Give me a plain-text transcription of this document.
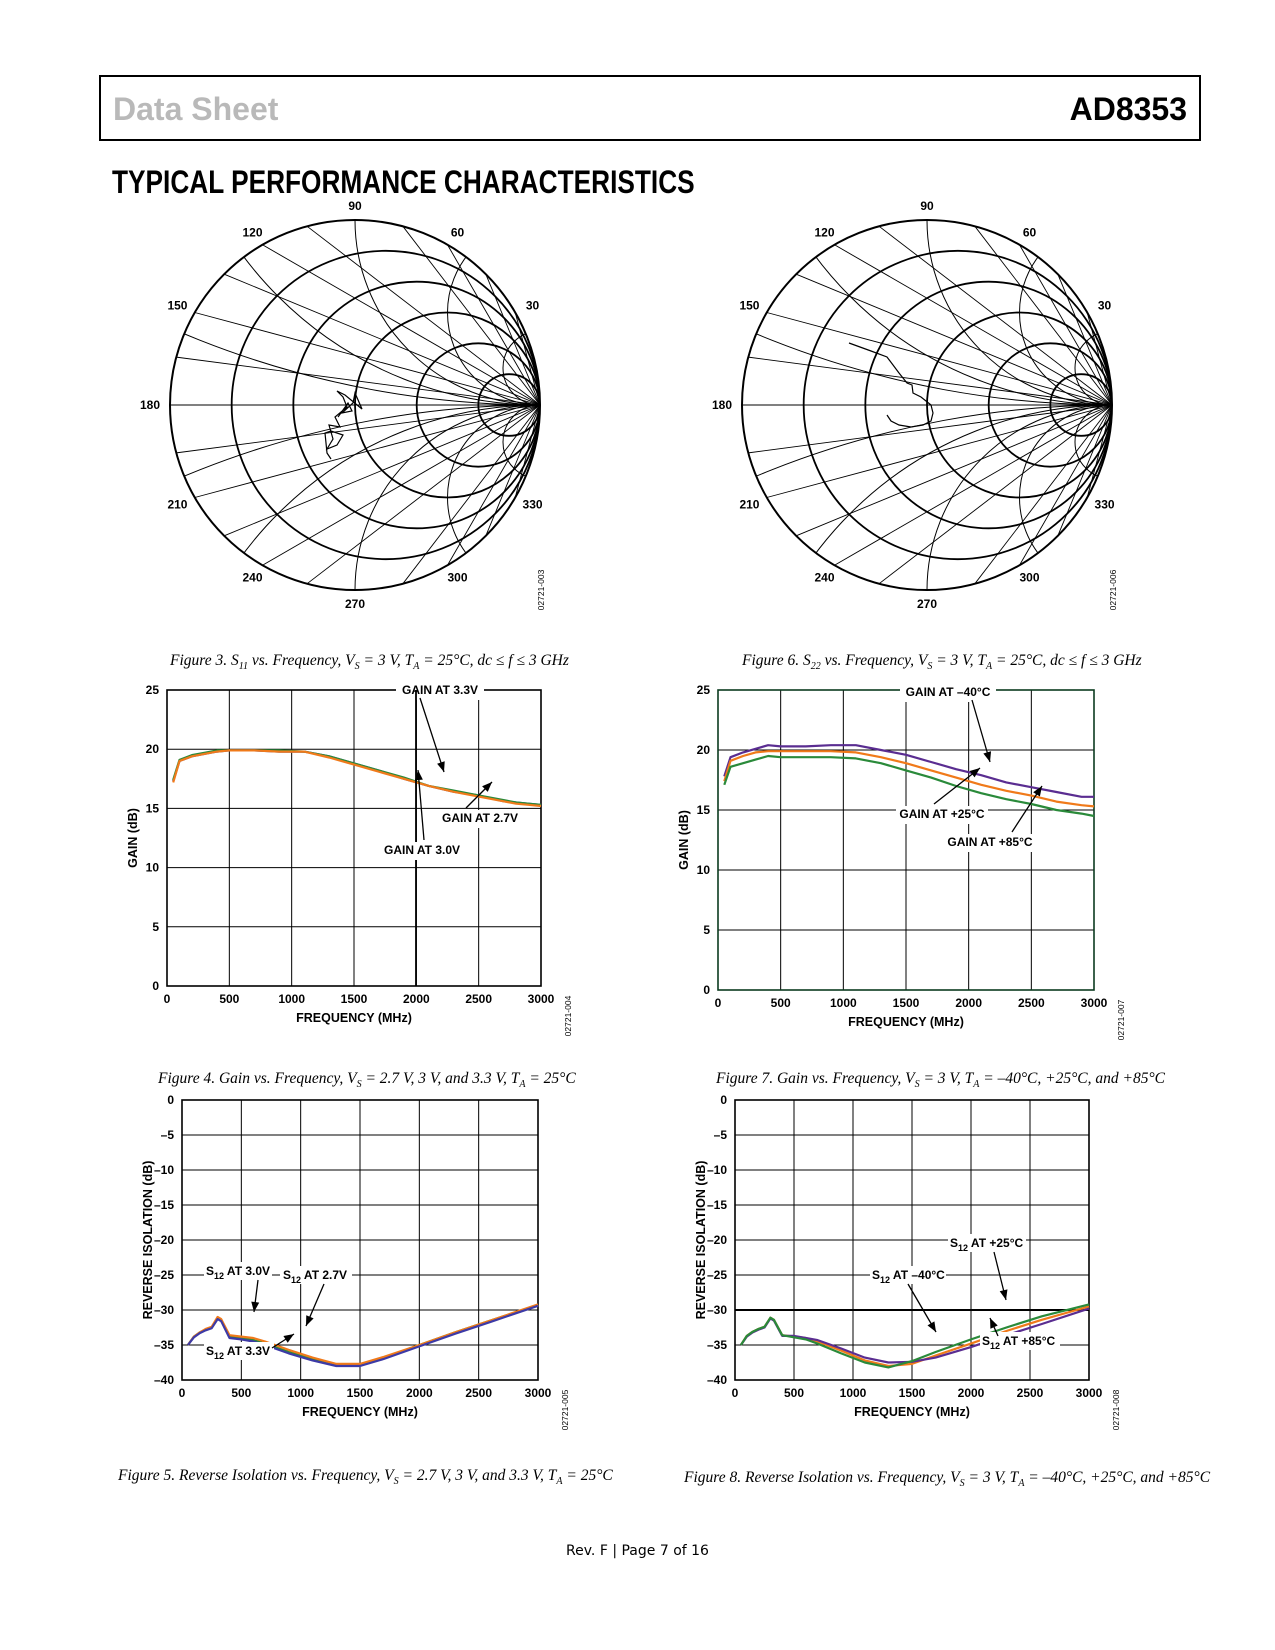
Data Sheet	AD8353
TYPICAL PERFORMANCE CHARACTERISTICS
90
60
30
120
150
180
210
240
270
300
330
02721-003
90
60
30
120
150
180
210
240
270
300
330
02721-006
0	500	1000	1500	2000	2500	3000
0
5
10
15
20
25
FREQUENCY (MHz)
GAIN (dB)
02721-004
GAIN AT 3.3V
GAIN AT 2.7V
GAIN AT 3.0V
0	500	1000	1500	2000	2500	3000
0
5
10
15
20
25
FREQUENCY (MHz)
GAIN (dB)
02721-007
GAIN AT –40°C
GAIN AT +25°C
GAIN AT +85°C
0	500	1000	1500	2000	2500	3000
0
–5
–10
–15
–20
–25
–30
–35
–40
FREQUENCY (MHz)
REVERSE ISOLATION (dB)
02721-005
$S_{12}$ AT 3.0V $S_{12}$ AT 2.7V
$S_{12}$ AT 3.3V
0	500	1000	1500	2000	2500	3000
0
–5
–10
–15
–20
–25
–30
–35
–40
FREQUENCY (MHz)
REVERSE ISOLATION (dB)
02721-008
$S_{12}$ AT +25°C
$S_{12}$ AT –40°C
$S_{12}$ AT +85°C
Figure 3. $S_{11}$ vs. Frequency, $V_S = 3$ V, $T_A = 25^\circ C$, dc ≤ f ≤ 3 GHz	Figure 6. $S_{22}$ vs. Frequency, $V_S = 3$ V, $T_A = 25^\circ C$, dc ≤ f ≤ 3 GHz
Figure 4. Gain vs. Frequency, $V_S = 2.7$ V, 3 V, and 3.3 V, $T_A = 25^\circ C$	Figure 7. Gain vs. Frequency, $V_S = 3$ V, $T_A = -40^\circ C$, +25°C, and +85°C
Figure 5. Reverse Isolation vs. Frequency, $V_S = 2.7$ V, 3 V, and 3.3 V, $T_A = 25^\circ C$	Figure 8. Reverse Isolation vs. Frequency, $V_S = 3$ V, $T_A = -40^\circ C$, +25°C, and +85°C
Rev. F | Page 7 of 16
